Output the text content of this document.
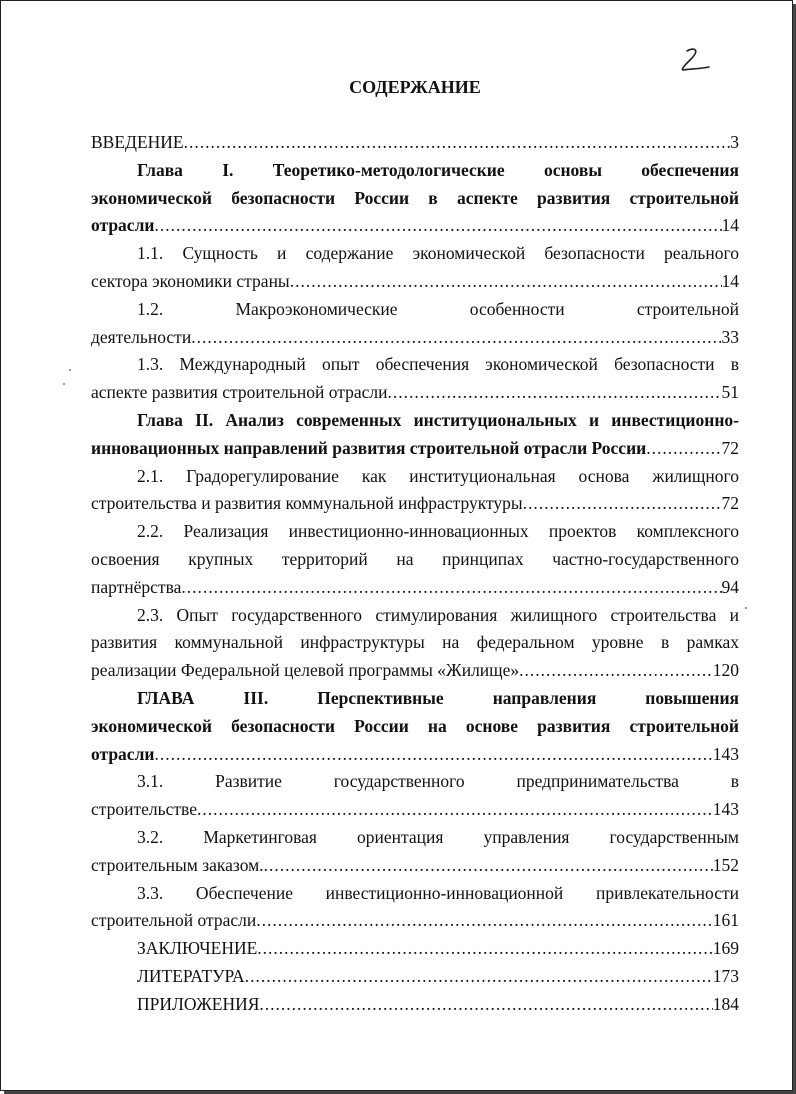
СОДЕРЖАНИЕ
ВВЕДЕНИЕ .....	3
Глава I. Теоретико-методологические основы обеспечения
экономической безопасности России в аспекте развития строительной
отрасли .....	14
1.1. Сущность и содержание экономической безопасности реального
сектора экономики страны .....	14
1.2. Макроэкономические особенности строительной
деятельности .....	33
1.3. Международный опыт обеспечения экономической безопасности в
аспекте развития строительной отрасли .....	51
Глава II. Анализ современных институциональных и инвестиционно-
инновационных направлений развития строительной отрасли России .....	72
2.1. Градорегулирование как институциональная основа жилищного
строительства и развития коммунальной инфраструктуры .....	72
2.2. Реализация инвестиционно-инновационных проектов комплексного
освоения крупных территорий на принципах частно-государственного
партнёрства .....	94
2.3. Опыт государственного стимулирования жилищного строительства и
развития коммунальной инфраструктуры на федеральном уровне в рамках
реализации Федеральной целевой программы «Жилище» .....	120
ГЛАВА III. Перспективные направления повышения
экономической безопасности России на основе развития строительной
отрасли .....	143
3.1. Развитие государственного предпринимательства в
строительстве .....	143
3.2. Маркетинговая ориентация управления государственным
строительным заказом. .....	152
3.3. Обеспечение инвестиционно-инновационной привлекательности
строительной отрасли .....	161
ЗАКЛЮЧЕНИЕ .....	169
ЛИТЕРАТУРА .....	173
ПРИЛОЖЕНИЯ .....	184
